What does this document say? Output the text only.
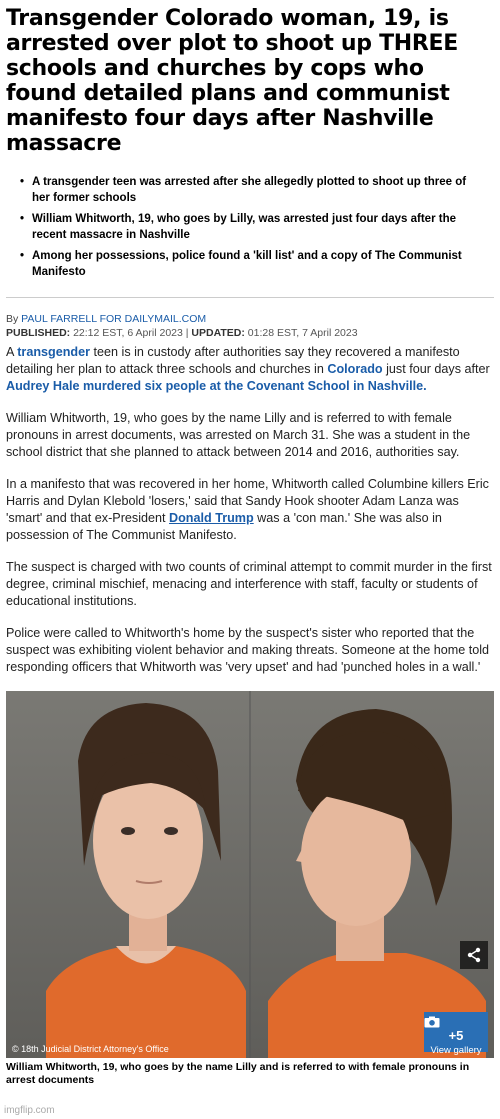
Transgender Colorado woman, 19, is arrested over plot to shoot up THREE schools and churches by cops who found detailed plans and communist manifesto four days after Nashville massacre
• A transgender teen was arrested after she allegedly plotted to shoot up three of her former schools
• William Whitworth, 19, who goes by Lilly, was arrested just four days after the recent massacre in Nashville
• Among her possessions, police found a 'kill list' and a copy of The Communist Manifesto
By PAUL FARRELL FOR DAILYMAIL.COM
PUBLISHED: 22:12 EST, 6 April 2023 | UPDATED: 01:28 EST, 7 April 2023

A transgender teen is in custody after authorities say they recovered a manifesto detailing her plan to attack three schools and churches in Colorado just four days after Audrey Hale murdered six people at the Covenant School in Nashville.

William Whitworth, 19, who goes by the name Lilly and is referred to with female pronouns in arrest documents, was arrested on March 31. She was a student in the school district that she planned to attack between 2014 and 2016, authorities say.

In a manifesto that was recovered in her home, Whitworth called Columbine killers Eric Harris and Dylan Klebold 'losers,' said that Sandy Hook shooter Adam Lanza was 'smart' and that ex-President Donald Trump was a 'con man.' She was also in possession of The Communist Manifesto.

The suspect is charged with two counts of criminal attempt to commit murder in the first degree, criminal mischief, menacing and interference with staff, faculty or students of educational institutions.

Police were called to Whitworth's home by the suspect's sister who reported that the suspect was exhibiting violent behavior and making threats. Someone at the home told responding officers that Whitworth was 'very upset' and had 'punched holes in a wall.'

© 18th Judicial District Attorney's Office
+5
View gallery
William Whitworth, 19, who goes by the name Lilly and is referred to with female pronouns in arrest documents
imgflip.com
